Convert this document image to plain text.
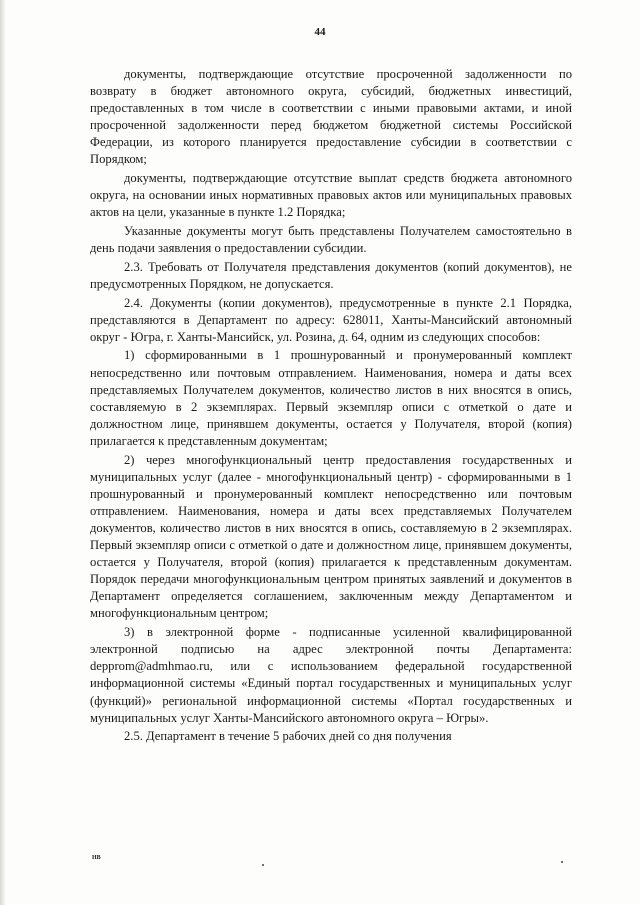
44

документы, подтверждающие отсутствие просроченной задолженности по возврату в бюджет автономного округа, субсидий, бюджетных инвестиций, предоставленных в том числе в соответствии с иными правовыми актами, и иной просроченной задолженности перед бюджетом бюджетной системы Российской Федерации, из которого планируется предоставление субсидии в соответствии с Порядком;

документы, подтверждающие отсутствие выплат средств бюджета автономного округа, на основании иных нормативных правовых актов или муниципальных правовых актов на цели, указанные в пункте 1.2 Порядка;

Указанные документы могут быть представлены Получателем самостоятельно в день подачи заявления о предоставлении субсидии.

2.3. Требовать от Получателя представления документов (копий документов), не предусмотренных Порядком, не допускается.

2.4. Документы (копии документов), предусмотренные в пункте 2.1 Порядка, представляются в Департамент по адресу: 628011, Ханты-Мансийский автономный округ - Югра, г. Ханты-Мансийск, ул. Розина, д. 64, одним из следующих способов:

1) сформированными в 1 прошнурованный и пронумерованный комплект непосредственно или почтовым отправлением. Наименования, номера и даты всех представляемых Получателем документов, количество листов в них вносятся в опись, составляемую в 2 экземплярах. Первый экземпляр описи с отметкой о дате и должностном лице, принявшем документы, остается у Получателя, второй (копия) прилагается к представленным документам;

2) через многофункциональный центр предоставления государственных и муниципальных услуг (далее - многофункциональный центр) - сформированными в 1 прошнурованный и пронумерованный комплект непосредственно или почтовым отправлением. Наименования, номера и даты всех представляемых Получателем документов, количество листов в них вносятся в опись, составляемую в 2 экземплярах. Первый экземпляр описи с отметкой о дате и должностном лице, принявшем документы, остается у Получателя, второй (копия) прилагается к представленным документам. Порядок передачи многофункциональным центром принятых заявлений и документов в Департамент определяется соглашением, заключенным между Департаментом и многофункциональным центром;

3) в электронной форме - подписанные усиленной квалифицированной электронной подписью на адрес электронной почты Департамента: depprom@admhmao.ru, или с использованием федеральной государственной информационной системы «Единый портал государственных и муниципальных услуг (функций)» региональной информационной системы «Портал государственных и муниципальных услуг Ханты-Мансийского автономного округа – Югры».

2.5. Департамент в течение 5 рабочих дней со дня получения

НВ
